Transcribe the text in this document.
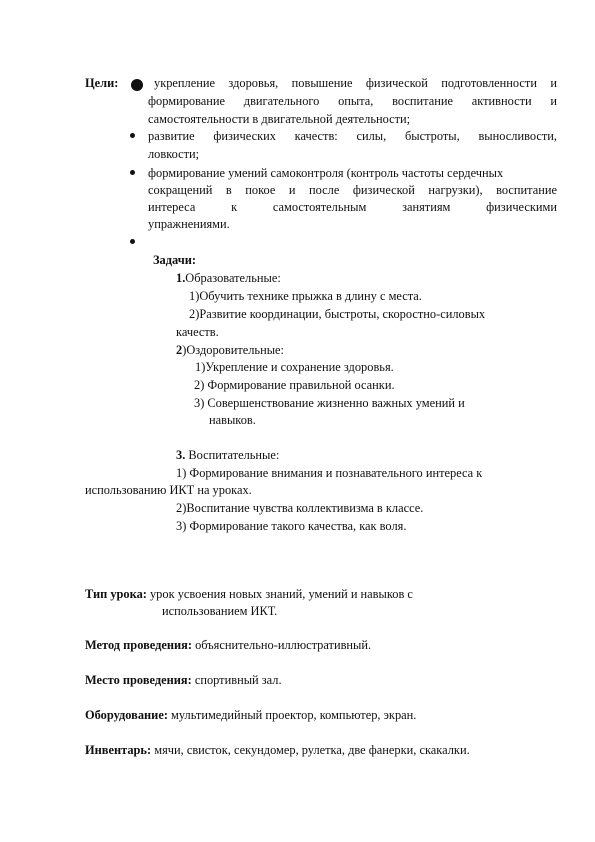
Цели:	укрепление здоровья, повышение физической подготовленности и
формирование двигательного опыта, воспитание активности и
самостоятельности в двигательной деятельности;
развитие физических качеств: силы, быстроты, выносливости,
ловкости;
формирование умений самоконтроля (контроль частоты сердечных
сокращений в покое и после физической нагрузки), воспитание
интереса к самостоятельным занятиям физическими
упражнениями.
Задачи:
1.Образовательные:
1)Обучить технике прыжка в длину с места.
2)Развитие координации, быстроты, скоростно-силовых
качеств.
2)Оздоровительные:
1)Укрепление и сохранение здоровья.
2) Формирование правильной осанки.
3) Совершенствование жизненно важных умений и
навыков.
3. Воспитательные:
1) Формирование внимания и познавательного интереса к
использованию ИКТ на уроках.
2)Воспитание чувства коллективизма в классе.
3) Формирование такого качества, как воля.
Тип урока: урок усвоения новых знаний, умений и навыков с
использованием ИКТ.
Метод проведения: объяснительно-иллюстративный.
Место проведения: спортивный зал.
Оборудование: мультимедийный проектор, компьютер, экран.
Инвентарь: мячи, свисток, секундомер, рулетка, две фанерки, скакалки.
